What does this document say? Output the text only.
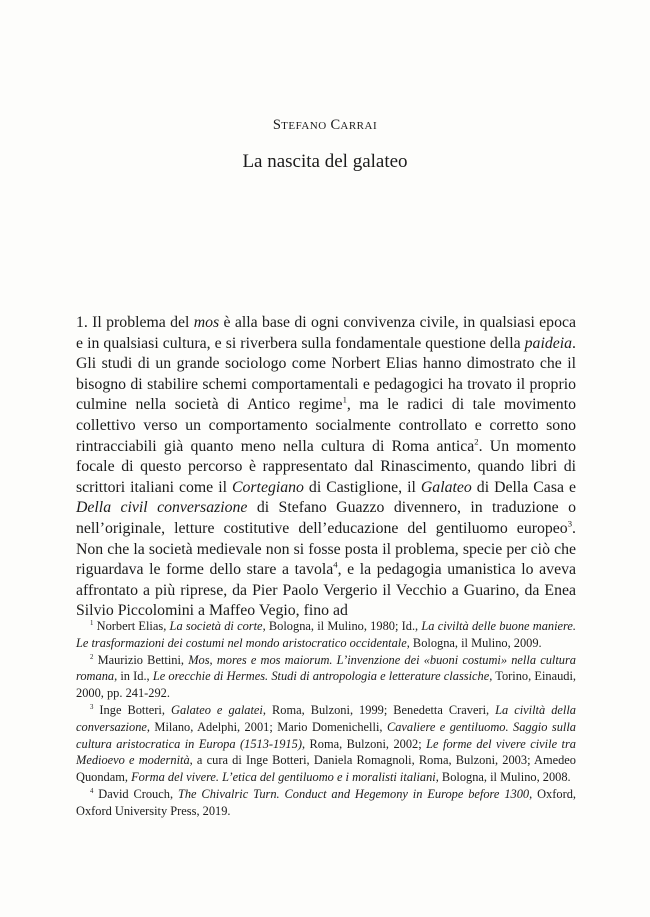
STEFANO CARRAI
La nascita del galateo

1. Il problema del mos è alla base di ogni convivenza civile, in qualsiasi epoca e in qualsiasi cultura, e si riverbera sulla fondamentale questione della paideia. Gli studi di un grande sociologo come Norbert Elias hanno dimostrato che il bisogno di stabilire schemi comportamentali e pedagogici ha trovato il proprio culmine nella società di Antico regime$^1$, ma le radici di tale movimento collettivo verso un comportamento socialmente controllato e corretto sono rintracciabili già quanto meno nella cultura di Roma antica$^2$. Un momento focale di questo percorso è rappresentato dal Rinascimento, quando libri di scrittori italiani come il Cortegiano di Castiglione, il Galateo di Della Casa e Della civil conversazione di Stefano Guazzo divennero, in traduzione o nell’originale, letture costitutive dell’educazione del gentiluomo europeo$^3$. Non che la società medievale non si fosse posta il problema, specie per ciò che riguardava le forme dello stare a tavola$^4$, e la pedagogia umanistica lo aveva affrontato a più riprese, da Pier Paolo Vergerio il Vecchio a Guarino, da Enea Silvio Piccolomini a Maffeo Vegio, fino ad

$^1$ Norbert Elias, La società di corte, Bologna, il Mulino, 1980; Id., La civiltà delle buone maniere. Le trasformazioni dei costumi nel mondo aristocratico occidentale, Bologna, il Mulino, 2009.

$^2$ Maurizio Bettini, Mos, mores e mos maiorum. L’invenzione dei «buoni costumi» nella cultura romana, in Id., Le orecchie di Hermes. Studi di antropologia e letterature classiche, Torino, Einaudi, 2000, pp. 241-292.

$^3$ Inge Botteri, Galateo e galatei, Roma, Bulzoni, 1999; Benedetta Craveri, La civiltà della conversazione, Milano, Adelphi, 2001; Mario Domenichelli, Cavaliere e gentiluomo. Saggio sulla cultura aristocratica in Europa (1513-1915), Roma, Bulzoni, 2002; Le forme del vivere civile tra Medioevo e modernità, a cura di Inge Botteri, Daniela Romagnoli, Roma, Bulzoni, 2003; Amedeo Quondam, Forma del vivere. L’etica del gentiluomo e i moralisti italiani, Bologna, il Mulino, 2008.

$^4$ David Crouch, The Chivalric Turn. Conduct and Hegemony in Europe before 1300, Oxford, Oxford University Press, 2019.
